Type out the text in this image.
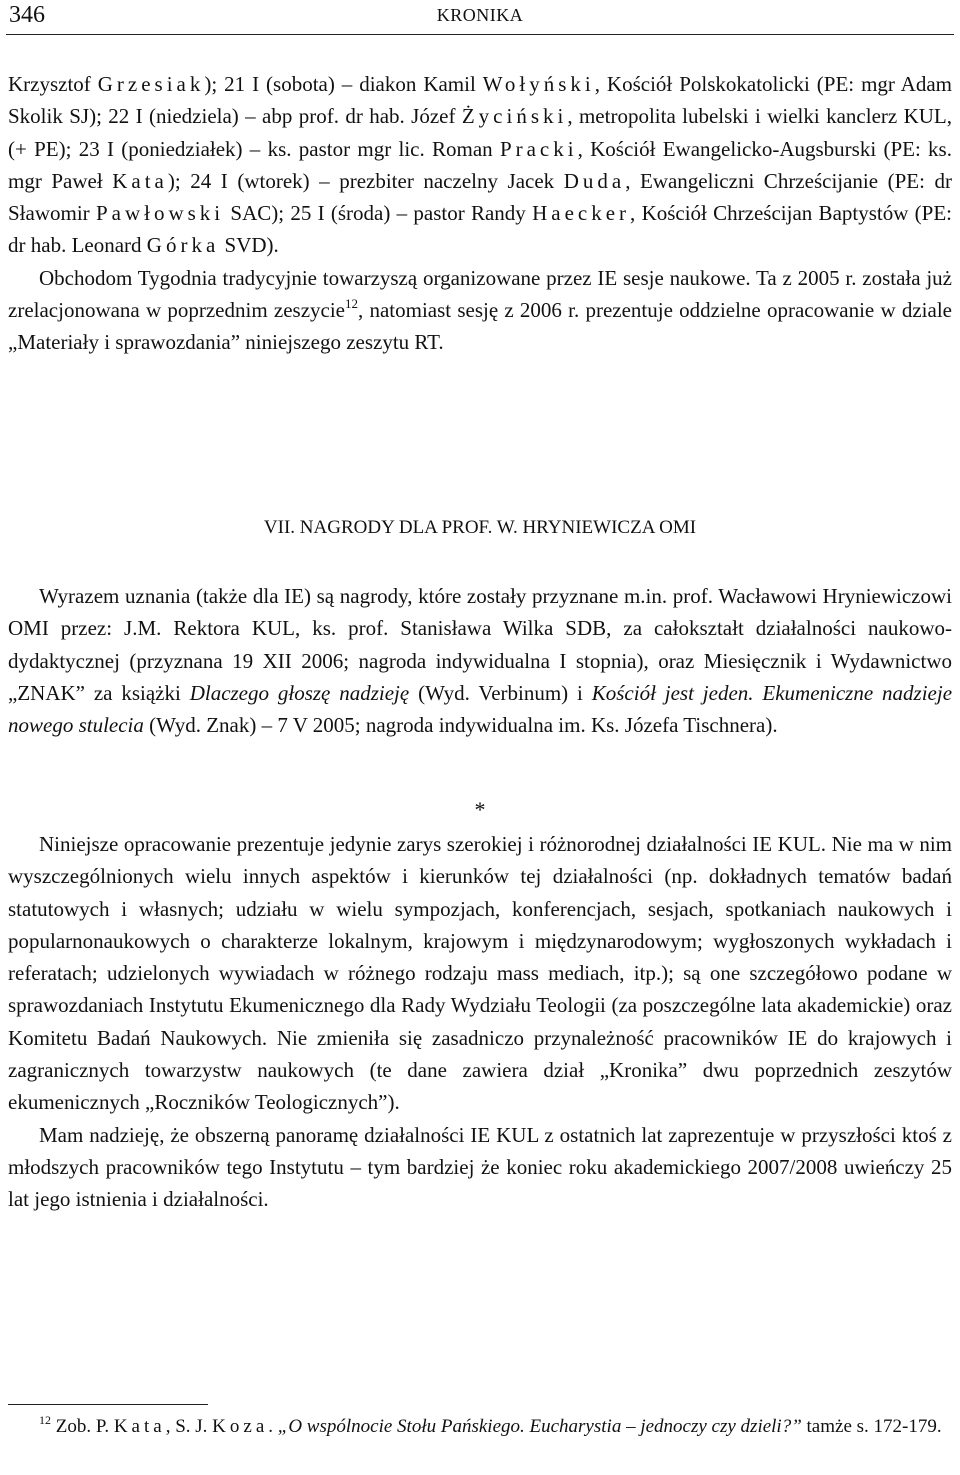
346	KRONIKA

Krzysztof Grzesiak); 21 I (sobota) – diakon Kamil Wołyński, Kościół Polskokatolicki (PE: mgr Adam Skolik SJ); 22 I (niedziela) – abp prof. dr hab. Józef Życiński, metropolita lubelski i wielki kanclerz KUL, (+ PE); 23 I (poniedziałek) – ks. pastor mgr lic. Roman Pracki, Kościół Ewangelicko-Augsburski (PE: ks. mgr Paweł Kata); 24 I (wtorek) – prezbiter naczelny Jacek Duda, Ewangeliczni Chrześcijanie (PE: dr Sławomir Pawłowski SAC); 25 I (środa) – pastor Randy Haecker, Kościół Chrześcijan Baptystów (PE: dr hab. Leonard Górka SVD).

Obchodom Tygodnia tradycyjnie towarzyszą organizowane przez IE sesje naukowe. Ta z 2005 r. została już zrelacjonowana w poprzednim zeszycie$^{12}$, natomiast sesję z 2006 r. prezentuje oddzielne opracowanie w dziale „Materiały i sprawozdania” niniejszego zeszytu RT.

VII. NAGRODY DLA PROF. W. HRYNIEWICZA OMI

Wyrazem uznania (także dla IE) są nagrody, które zostały przyznane m.in. prof. Wacławowi Hryniewiczowi OMI przez: J.M. Rektora KUL, ks. prof. Stanisława Wilka SDB, za całokształt działalności naukowo-dydaktycznej (przyznana 19 XII 2006; nagroda indywidualna I stopnia), oraz Miesięcznik i Wydawnictwo „ZNAK” za książki Dlaczego głoszę nadzieję (Wyd. Verbinum) i Kościół jest jeden. Ekumeniczne nadzieje nowego stulecia (Wyd. Znak) – 7 V 2005; nagroda indywidualna im. Ks. Józefa Tischnera).

*

Niniejsze opracowanie prezentuje jedynie zarys szerokiej i różnorodnej działalności IE KUL. Nie ma w nim wyszczególnionych wielu innych aspektów i kierunków tej działalności (np. dokładnych tematów badań statutowych i własnych; udziału w wielu sympozjach, konferencjach, sesjach, spotkaniach naukowych i popularnonaukowych o charakterze lokalnym, krajowym i międzynarodowym; wygłoszonych wykładach i referatach; udzielonych wywiadach w różnego rodzaju mass mediach, itp.); są one szczegółowo podane w sprawozdaniach Instytutu Ekumenicznego dla Rady Wydziału Teologii (za poszczególne lata akademickie) oraz Komitetu Badań Naukowych. Nie zmieniła się zasadniczo przynależność pracowników IE do krajowych i zagranicznych towarzystw naukowych (te dane zawiera dział „Kronika” dwu poprzednich zeszytów ekumenicznych „Roczników Teologicznych”).

Mam nadzieję, że obszerną panoramę działalności IE KUL z ostatnich lat zaprezentuje w przyszłości ktoś z młodszych pracowników tego Instytutu – tym bardziej że koniec roku akademickiego 2007/2008 uwieńczy 25 lat jego istnienia i działalności.

$^{12}$ Zob. P. Kata, S. J. Koza. „O wspólnocie Stołu Pańskiego. Eucharystia – jednoczy czy dzieli?” tamże s. 172-179.
